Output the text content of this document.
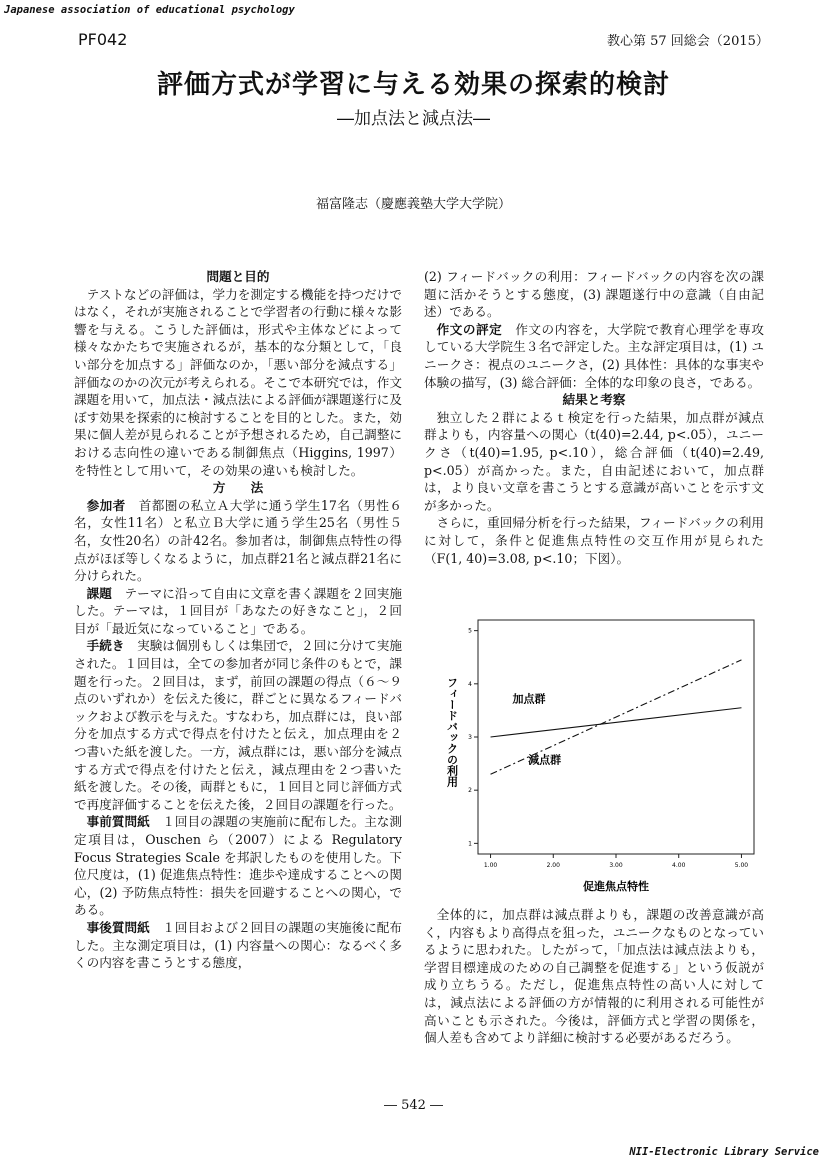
Japanese association of educational psychology
PF042	教心第 57 回総会（2015）
評価方式が学習に与える効果の探索的検討
―加点法と減点法―
福富隆志（慶應義塾大学大学院）

問題と目的

テストなどの評価は，学力を測定する機能を持つだけではなく，それが実施されることで学習者の行動に様々な影響を与える。こうした評価は，形式や主体などによって様々なかたちで実施されるが，基本的な分類として，「良い部分を加点する」評価なのか，「悪い部分を減点する」評価なのかの次元が考えられる。そこで本研究では，作文課題を用いて，加点法・減点法による評価が課題遂行に及ぼす効果を探索的に検討することを目的とした。また，効果に個人差が見られることが予想されるため，自己調整における志向性の違いである制御焦点（Higgins, 1997）を特性として用いて，その効果の違いも検討した。

方　　法

参加者　 首都圏の私立Ａ大学に通う学生17名（男性６名，女性11名）と私立Ｂ大学に通う学生25名（男性５名，女性20名）の計42名。参加者は，制御焦点特性の得点がほぼ等しくなるように，加点群21名と減点群21名に分けられた。

課題　 テーマに沿って自由に文章を書く課題を２回実施した。テーマは，１回目が「あなたの好きなこと」，２回目が「最近気になっていること」である。

手続き　 実験は個別もしくは集団で，２回に分けて実施された。１回目は，全ての参加者が同じ条件のもとで，課題を行った。２回目は，まず，前回の課題の得点（６～９点のいずれか）を伝えた後に，群ごとに異なるフィードバックおよび教示を与えた。すなわち，加点群には，良い部分を加点する方式で得点を付けたと伝え，加点理由を２つ書いた紙を渡した。一方，減点群には，悪い部分を減点する方式で得点を付けたと伝え，減点理由を２つ書いた紙を渡した。その後，両群ともに，１回目と同じ評価方式で再度評価することを伝えた後，２回目の課題を行った。

事前質問紙　 １回目の課題の実施前に配布した。主な測定項目は，Ouschen ら（2007）による Regulatory Focus Strategies Scale を邦訳したものを使用した。下位尺度は，(1) 促進焦点特性：進歩や達成することへの関心，(2) 予防焦点特性：損失を回避することへの関心，である。

事後質問紙　 １回目および２回目の課題の実施後に配布した。主な測定項目は，(1) 内容量への関心：なるべく多くの内容を書こうとする態度，

(2) フィードバックの利用：フィードバックの内容を次の課題に活かそうとする態度，(3) 課題遂行中の意識（自由記述）である。

作文の評定　 作文の内容を，大学院で教育心理学を専攻している大学院生３名で評定した。主な評定項目は，(1) ユニークさ：視点のユニークさ，(2) 具体性：具体的な事実や体験の描写，(3) 総合評価：全体的な印象の良さ，である。

結果と考察

独立した２群によるｔ検定を行った結果，加点群が減点群よりも，内容量への関心（t(40)=2.44, p<.05），ユニークさ（t(40)=1.95, p<.10），総合評価（t(40)=2.49, p<.05）が高かった。また，自由記述において，加点群は，より良い文章を書こうとする意識が高いことを示す文が多かった。

さらに，重回帰分析を行った結果，フィードバックの利用に対して，条件と促進焦点特性の交互作用が見られた（F(1, 40)=3.08, p<.10；下図）。

1.00	2.00	3.00	4.00	5.00
1
2
3
4
5
加点群
減点群
促進焦点特性
フィードバックの利用

全体的に，加点群は減点群よりも，課題の改善意識が高く，内容もより高得点を狙った，ユニークなものとなっているように思われた。したがって，「加点法は減点法よりも，学習目標達成のための自己調整を促進する」という仮説が成り立ちうる。ただし，促進焦点特性の高い人に対しては，減点法による評価の方が情報的に利用される可能性が高いことも示された。今後は，評価方式と学習の関係を，個人差も含めてより詳細に検討する必要があるだろう。

― 542 ―
NII-Electronic Library Service
